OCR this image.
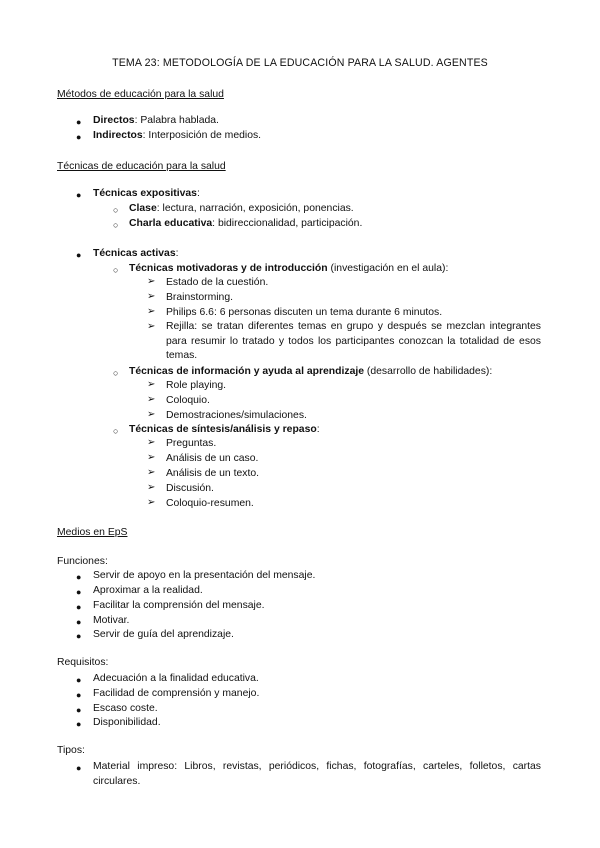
TEMA 23: METODOLOGÍA DE LA EDUCACIÓN PARA LA SALUD. AGENTES
Métodos de educación para la salud
● Directos: Palabra hablada.
● Indirectos: Interposición de medios.
Técnicas de educación para la salud
● Técnicas expositivas:
○ Clase: lectura, narración, exposición, ponencias.
○ Charla educativa: bidireccionalidad, participación.
● Técnicas activas:
○ Técnicas motivadoras y de introducción (investigación en el aula):
➢ Estado de la cuestión.
➢ Brainstorming.
➢ Philips 6.6: 6 personas discuten un tema durante 6 minutos.
➢ Rejilla: se tratan diferentes temas en grupo y después se mezclan integrantes para resumir lo tratado y todos los participantes conozcan la totalidad de esos temas.
○ Técnicas de información y ayuda al aprendizaje (desarrollo de habilidades):
➢ Role playing.
➢ Coloquio.
➢ Demostraciones/simulaciones.
○ Técnicas de síntesis/análisis y repaso:
➢ Preguntas.
➢ Análisis de un caso.
➢ Análisis de un texto.
➢ Discusión.
➢ Coloquio-resumen.
Medios en EpS
Funciones:
● Servir de apoyo en la presentación del mensaje.
● Aproximar a la realidad.
● Facilitar la comprensión del mensaje.
● Motivar.
● Servir de guía del aprendizaje.
Requisitos:
● Adecuación a la finalidad educativa.
● Facilidad de comprensión y manejo.
● Escaso coste.
● Disponibilidad.
Tipos:
● Material impreso: Libros, revistas, periódicos, fichas, fotografías, carteles, folletos, cartas circulares.
